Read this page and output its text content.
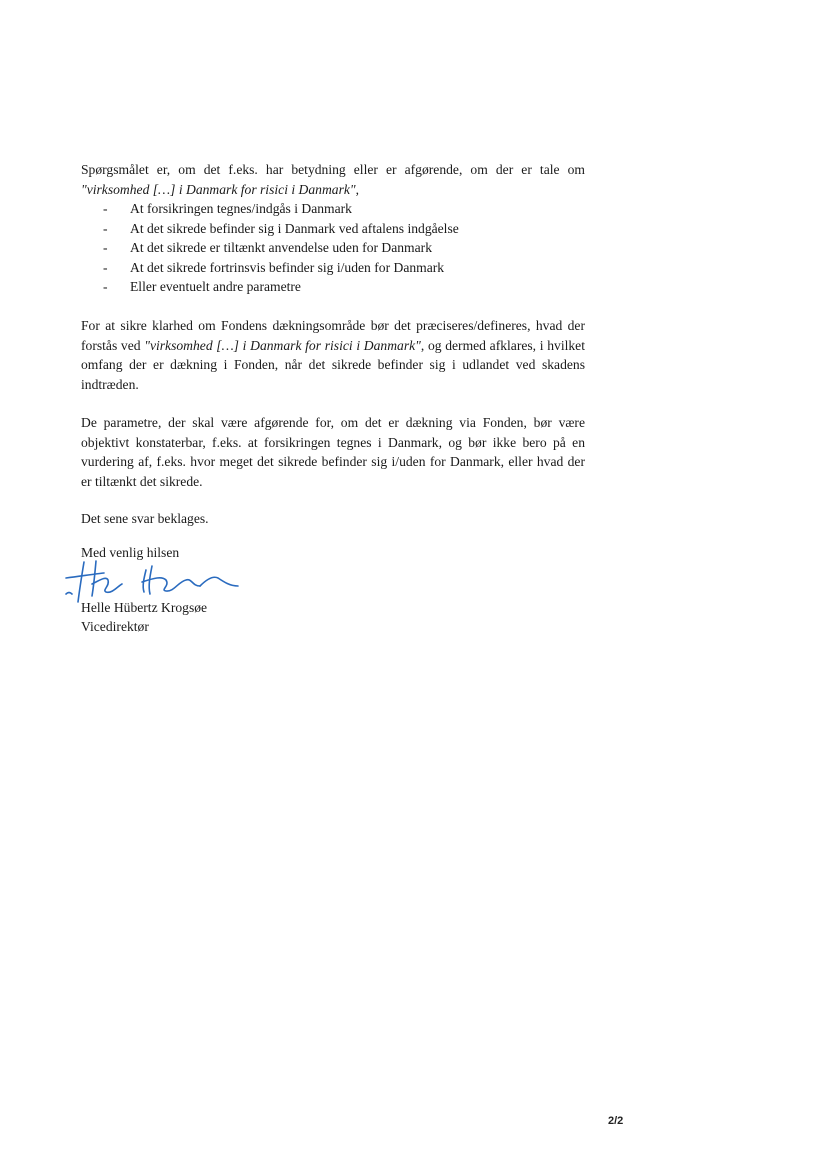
Spørgsmålet er, om det f.eks. har betydning eller er afgørende, om der er tale om "virksomhed […] i Danmark for risici i Danmark",

- At forsikringen tegnes/indgås i Danmark
- At det sikrede befinder sig i Danmark ved aftalens indgåelse
- At det sikrede er tiltænkt anvendelse uden for Danmark
- At det sikrede fortrinsvis befinder sig i/uden for Danmark
- Eller eventuelt andre parametre

For at sikre klarhed om Fondens dækningsområde bør det præciseres/defineres, hvad der forstås ved "virksomhed […] i Danmark for risici i Danmark", og dermed afklares, i hvilket omfang der er dækning i Fonden, når det sikrede befinder sig i udlandet ved skadens indtræden.

De parametre, der skal være afgørende for, om det er dækning via Fonden, bør være objektivt konstaterbar, f.eks. at forsikringen tegnes i Danmark, og bør ikke bero på en vurdering af, f.eks. hvor meget det sikrede befinder sig i/uden for Danmark, eller hvad der er tiltænkt det sikrede.

Det sene svar beklages.

Med venlig hilsen

Helle Hübertz Krogsøe

Vicedirektør

2/2
